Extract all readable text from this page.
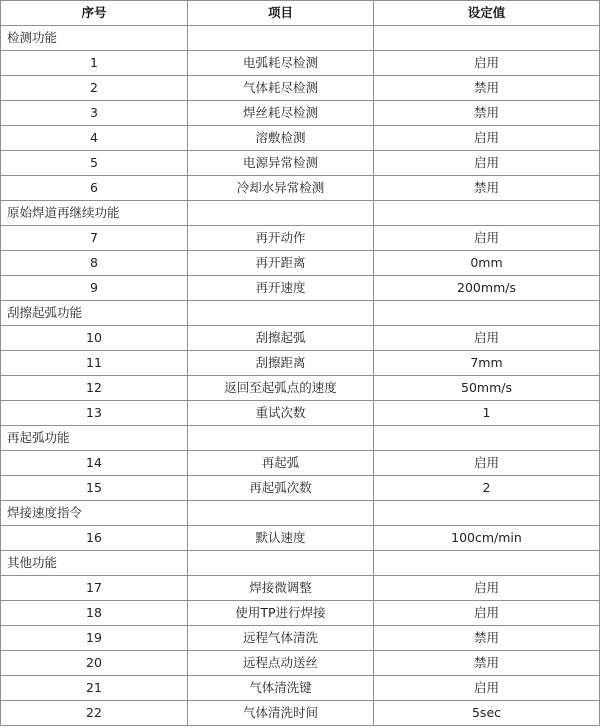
序号	项目	设定值
检测功能		
1	电弧耗尽检测	启用
2	气体耗尽检测	禁用
3	焊丝耗尽检测	禁用
4	溶敷检测	启用
5	电源异常检测	启用
6	冷却水异常检测	禁用
原始焊道再继续功能		
7	再开动作	启用
8	再开距离	0mm
9	再开速度	200mm/s
刮擦起弧功能		
10	刮擦起弧	启用
11	刮擦距离	7mm
12	返回至起弧点的速度	50mm/s
13	重试次数	1
再起弧功能		
14	再起弧	启用
15	再起弧次数	2
焊接速度指令		
16	默认速度	100cm/min
其他功能		
17	焊接微调整	启用
18	使用TP进行焊接	启用
19	远程气体清洗	禁用
20	远程点动送丝	禁用
21	气体清洗键	启用
22	气体清洗时间	5sec
